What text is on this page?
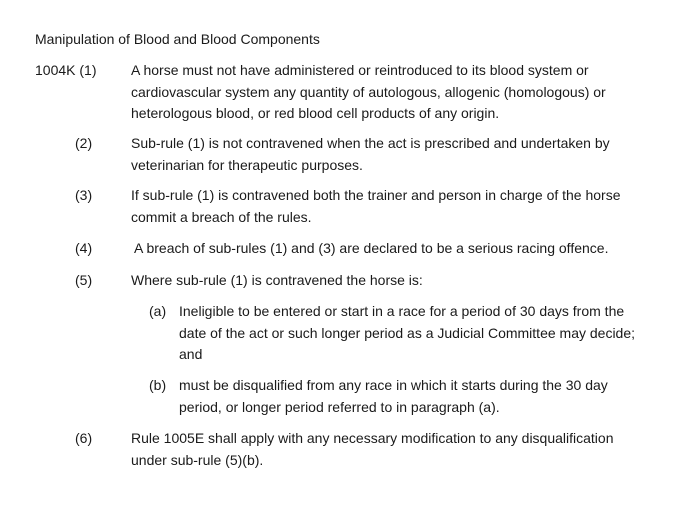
Manipulation of Blood and Blood Components
1004K (1) A horse must not have administered or reintroduced to its blood system or cardiovascular system any quantity of autologous, allogenic (homologous) or heterologous blood, or red blood cell products of any origin.
(2)	Sub-rule (1) is not contravened when the act is prescribed and undertaken by veterinarian for therapeutic purposes.
(3)	If sub-rule (1) is contravened both the trainer and person in charge of the horse commit a breach of the rules.
(4)	A breach of sub-rules (1) and (3) are declared to be a serious racing offence.
(5)	Where sub-rule (1) is contravened the horse is:
(a) Ineligible to be entered or start in a race for a period of 30 days from the date of the act or such longer period as a Judicial Committee may decide; and
(b) must be disqualified from any race in which it starts during the 30 day period, or longer period referred to in paragraph (a).
(6)	Rule 1005E shall apply with any necessary modification to any disqualification under sub-rule (5)(b).
